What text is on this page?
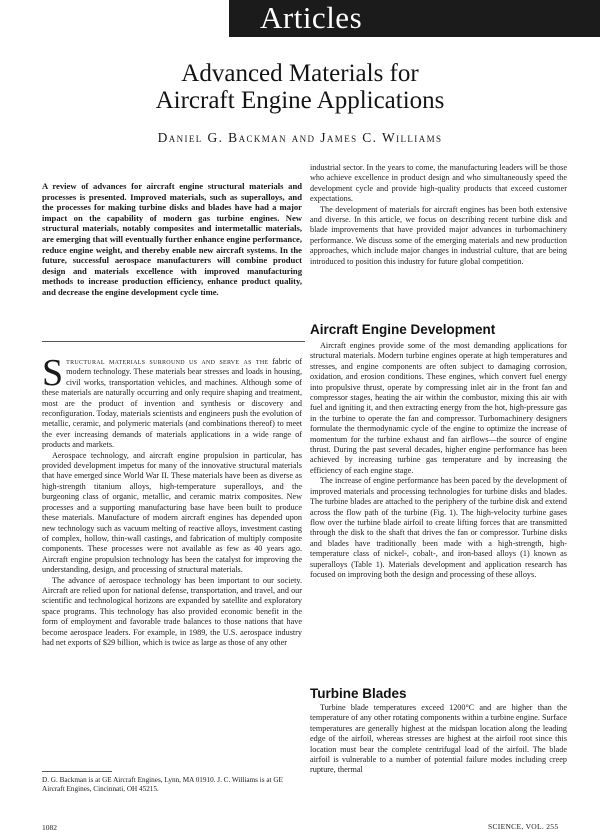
Articles
Advanced Materials for
Aircraft Engine Applications
Daniel G. Backman and James C. Williams

A review of advances for aircraft engine structural materials and processes is presented. Improved materials, such as superalloys, and the processes for making turbine disks and blades have had a major impact on the capability of modern gas turbine engines. New structural materials, notably composites and intermetallic materials, are emerging that will eventually further enhance engine performance, reduce engine weight, and thereby enable new aircraft systems. In the future, successful aerospace manufacturers will combine product design and materials excellence with improved manufacturing methods to increase production efficiency, enhance product quality, and decrease the engine development cycle time.

Structural materials surround us and serve as the fabric of modern technology. These materials bear stresses and loads in housing, civil works, transportation vehicles, and machines. Although some of these materials are naturally occurring and only require shaping and treatment, most are the product of invention and synthesis or discovery and reconfiguration. Today, materials scientists and engineers push the evolution of metallic, ceramic, and polymeric materials (and combinations thereof) to meet the ever increasing demands of materials applications in a wide range of products and markets.

Aerospace technology, and aircraft engine propulsion in particular, has provided development impetus for many of the innovative structural materials that have emerged since World War II. These materials have been as diverse as high-strength titanium alloys, high-temperature superalloys, and the burgeoning class of organic, metallic, and ceramic matrix composites. New processes and a supporting manufacturing base have been built to produce these materials. Manufacture of modern aircraft engines has depended upon new technology such as vacuum melting of reactive alloys, investment casting of complex, hollow, thin-wall castings, and fabrication of multiply composite components. These processes were not available as few as 40 years ago. Aircraft engine propulsion technology has been the catalyst for improving the understanding, design, and processing of structural materials.

The advance of aerospace technology has been important to our society. Aircraft are relied upon for national defense, transportation, and travel, and our scientific and technological horizons are expanded by satellite and exploratory space programs. This technology has also provided economic benefit in the form of employment and favorable trade balances to those nations that have become aerospace leaders. For example, in 1989, the U.S. aerospace industry had net exports of $29 billion, which is twice as large as those of any other

D. G. Backman is at GE Aircraft Engines, Lynn, MA 01910. J. C. Williams is at GE Aircraft Engines, Cincinnati, OH 45215.

industrial sector. In the years to come, the manufacturing leaders will be those who achieve excellence in product design and who simultaneously speed the development cycle and provide high-quality products that exceed customer expectations.

The development of materials for aircraft engines has been both extensive and diverse. In this article, we focus on describing recent turbine disk and blade improvements that have provided major advances in turbomachinery performance. We discuss some of the emerging materials and new production approaches, which include major changes in industrial culture, that are being introduced to position this industry for future global competition.

Aircraft Engine Development

Aircraft engines provide some of the most demanding applications for structural materials. Modern turbine engines operate at high temperatures and stresses, and engine components are often subject to damaging corrosion, oxidation, and erosion conditions. These engines, which convert fuel energy into propulsive thrust, operate by compressing inlet air in the front fan and compressor stages, heating the air within the combustor, mixing this air with fuel and igniting it, and then extracting energy from the hot, high-pressure gas in the turbine to operate the fan and compressor. Turbomachinery designers formulate the thermodynamic cycle of the engine to optimize the increase of momentum for the turbine exhaust and fan airflows—the source of engine thrust. During the past several decades, higher engine performance has been achieved by increasing turbine gas temperature and by increasing the efficiency of each engine stage.

The increase of engine performance has been paced by the development of improved materials and processing technologies for turbine disks and blades. The turbine blades are attached to the periphery of the turbine disk and extend across the flow path of the turbine (Fig. 1). The high-velocity turbine gases flow over the turbine blade airfoil to create lifting forces that are transmitted through the disk to the shaft that drives the fan or compressor. Turbine disks and blades have traditionally been made with a high-strength, high-temperature class of nickel-, cobalt-, and iron-based alloys (1) known as superalloys (Table 1). Materials development and application research has focused on improving both the design and processing of these alloys.

Turbine Blades

Turbine blade temperatures exceed 1200°C and are higher than the temperature of any other rotating components within a turbine engine. Surface temperatures are generally highest at the midspan location along the leading edge of the airfoil, whereas stresses are highest at the airfoil root since this location must bear the complete centrifugal load of the airfoil. The blade airfoil is vulnerable to a number of potential failure modes including creep rupture, thermal

1082	SCIENCE, VOL. 255
